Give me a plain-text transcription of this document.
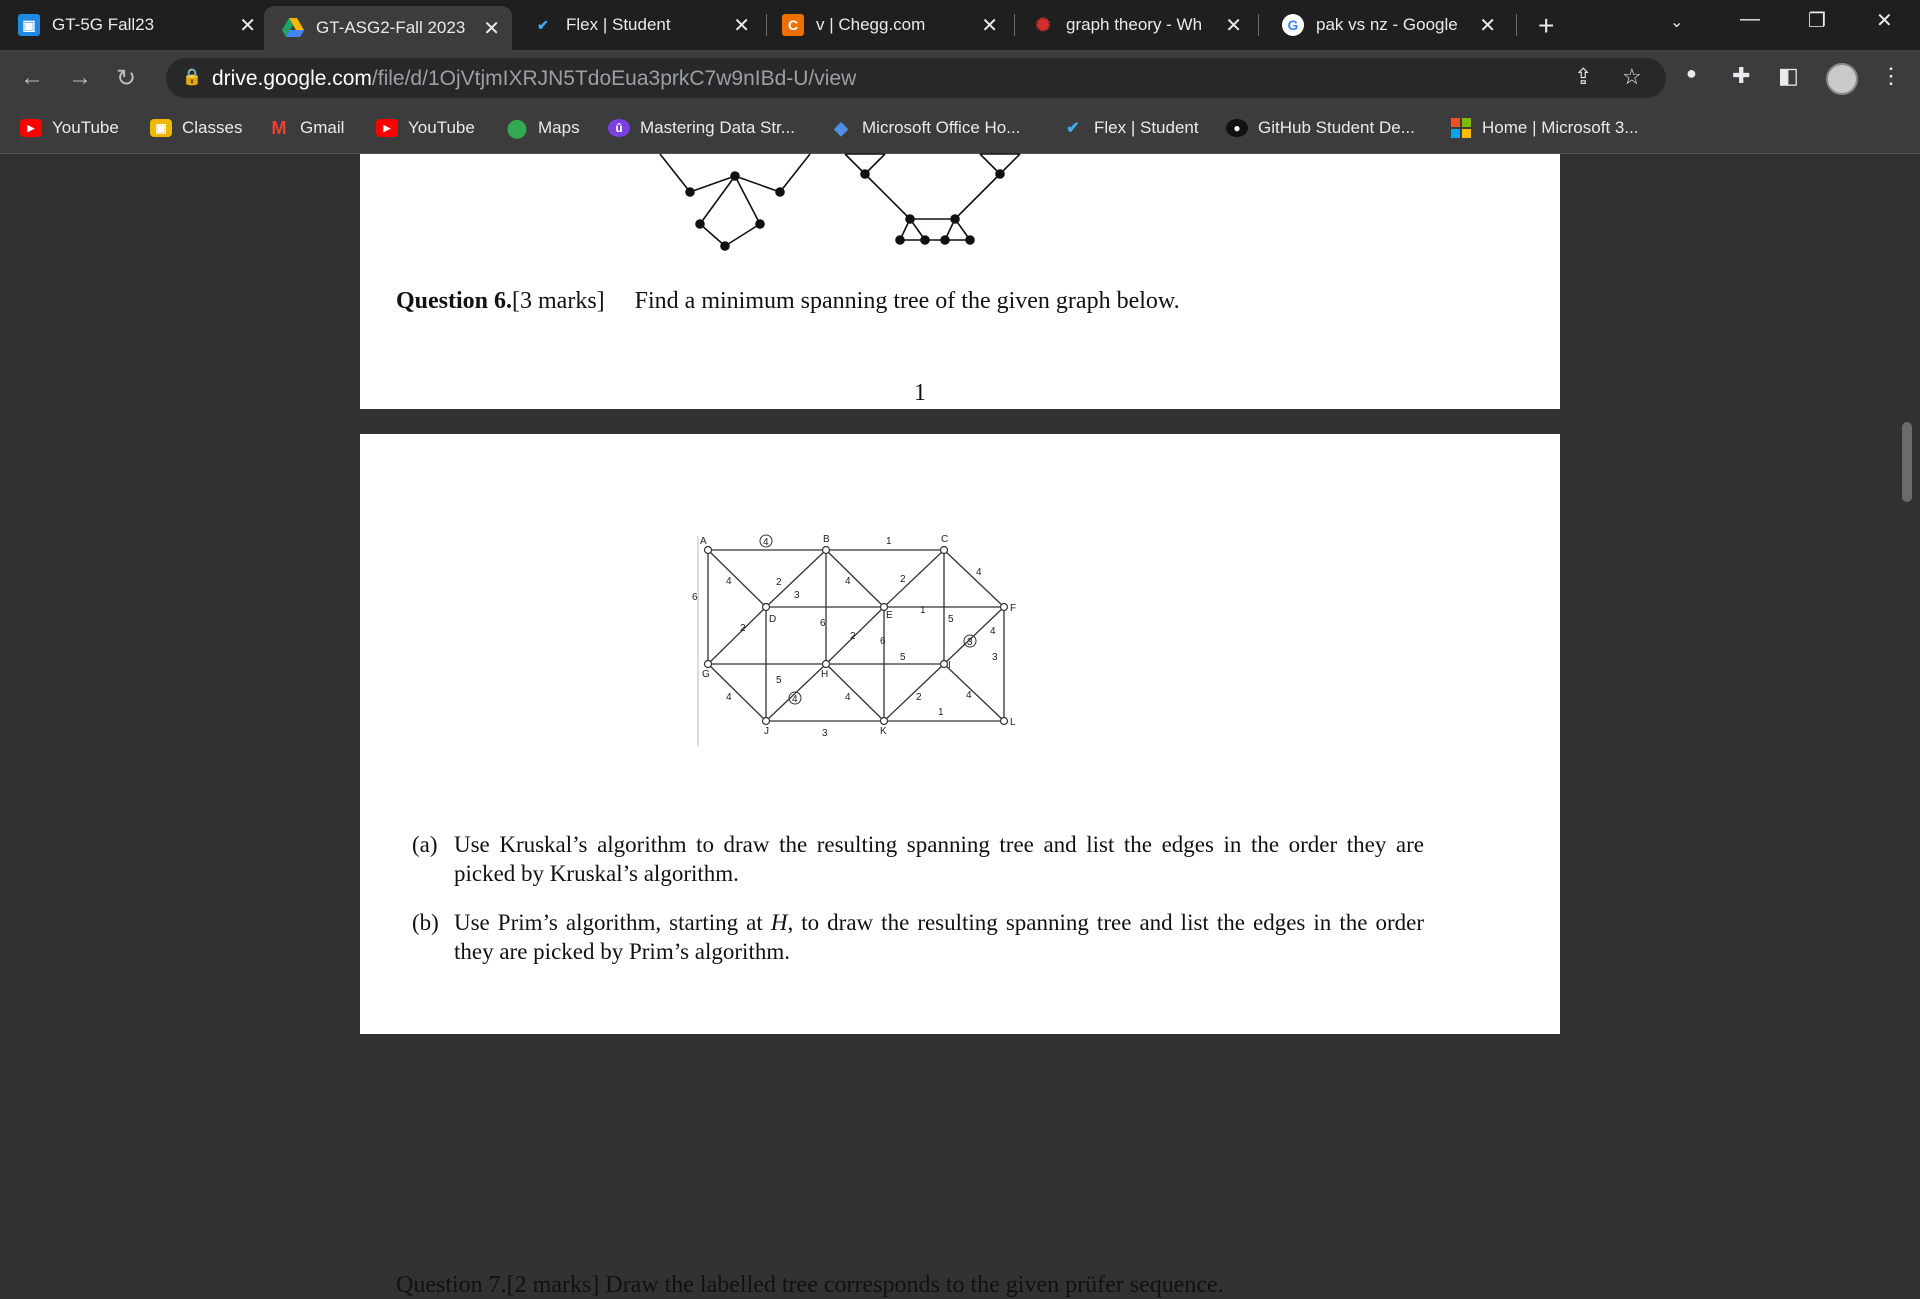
▣ GT-5G Fall23	✕	GT-ASG2-Fall 2023 ✕	✔	Flex | Student	✕	C	v | Chegg.com	✕ ✺ graph theory - Wh	✕	G	pak vs nz - Google	✕ +	⌄	— ❐	✕
← → ↻	🔒 drive.google.com/file/d/1OjVtjmIXRJN5TdoEua3prkC7w9nIBd-U/view	⇪ ☆ ● ✚ ◧	⋮
▶	YouTube	▣ Classes M Gmail	▶	YouTube ⬤ Maps	û	Mastering Data Str... ◆ Microsoft Office Ho...	✔ Flex | Student	●	GitHub Student De...	Home | Microsoft 3...
Question 6.[3 marks] Find a minimum spanning tree of the given graph below.
1
A	B	C
D	E
F
G	H
I
J	K
L
4	1
4
2
4	2
3
6
4
2
1
5
6
2 6
5
3
3
5
4	4	4	2
1
4
3
4
(a) Use Kruskal’s algorithm to draw the resulting spanning tree and list the edges in the order they are picked by Kruskal’s algorithm.
(b) Use Prim’s algorithm, starting at H, to draw the resulting spanning tree and list the edges in the order they are picked by Prim’s algorithm.
Question 7.[2 marks] Draw the labelled tree corresponds to the given prüfer sequence.
